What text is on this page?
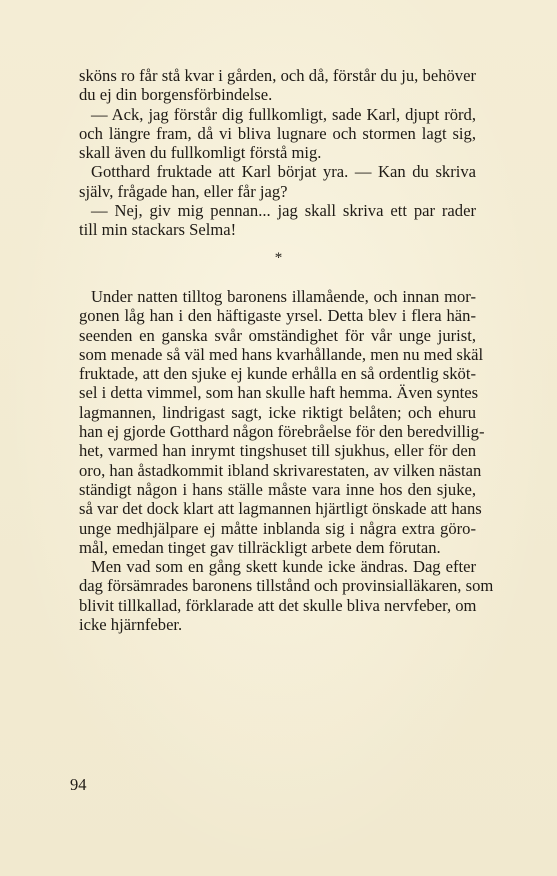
sköns ro får stå kvar i gården, och då, förstår du ju, behöver
du ej din borgensförbindelse.
— Ack, jag förstår dig fullkomligt, sade Karl, djupt rörd,
och längre fram, då vi bliva lugnare och stormen lagt sig,
skall även du fullkomligt förstå mig.
Gotthard fruktade att Karl börjat yra. — Kan du skriva
själv, frågade han, eller får jag?
— Nej, giv mig pennan... jag skall skriva ett par rader
till min stackars Selma!
*
Under natten tilltog baronens illamående, och innan mor-
gonen låg han i den häftigaste yrsel. Detta blev i flera hän-
seenden en ganska svår omständighet för vår unge jurist,
som menade så väl med hans kvarhållande, men nu med skäl
fruktade, att den sjuke ej kunde erhålla en så ordentlig sköt-
sel i detta vimmel, som han skulle haft hemma. Även syntes
lagmannen, lindrigast sagt, icke riktigt belåten; och ehuru
han ej gjorde Gotthard någon förebråelse för den beredvillig-
het, varmed han inrymt tingshuset till sjukhus, eller för den
oro, han åstadkommit ibland skrivarestaten, av vilken nästan
ständigt någon i hans ställe måste vara inne hos den sjuke,
så var det dock klart att lagmannen hjärtligt önskade att hans
unge medhjälpare ej måtte inblanda sig i några extra göro-
mål, emedan tinget gav tillräckligt arbete dem förutan.
Men vad som en gång skett kunde icke ändras. Dag efter
dag försämrades baronens tillstånd och provinsialläkaren, som
blivit tillkallad, förklarade att det skulle bliva nervfeber, om
icke hjärnfeber.
94
